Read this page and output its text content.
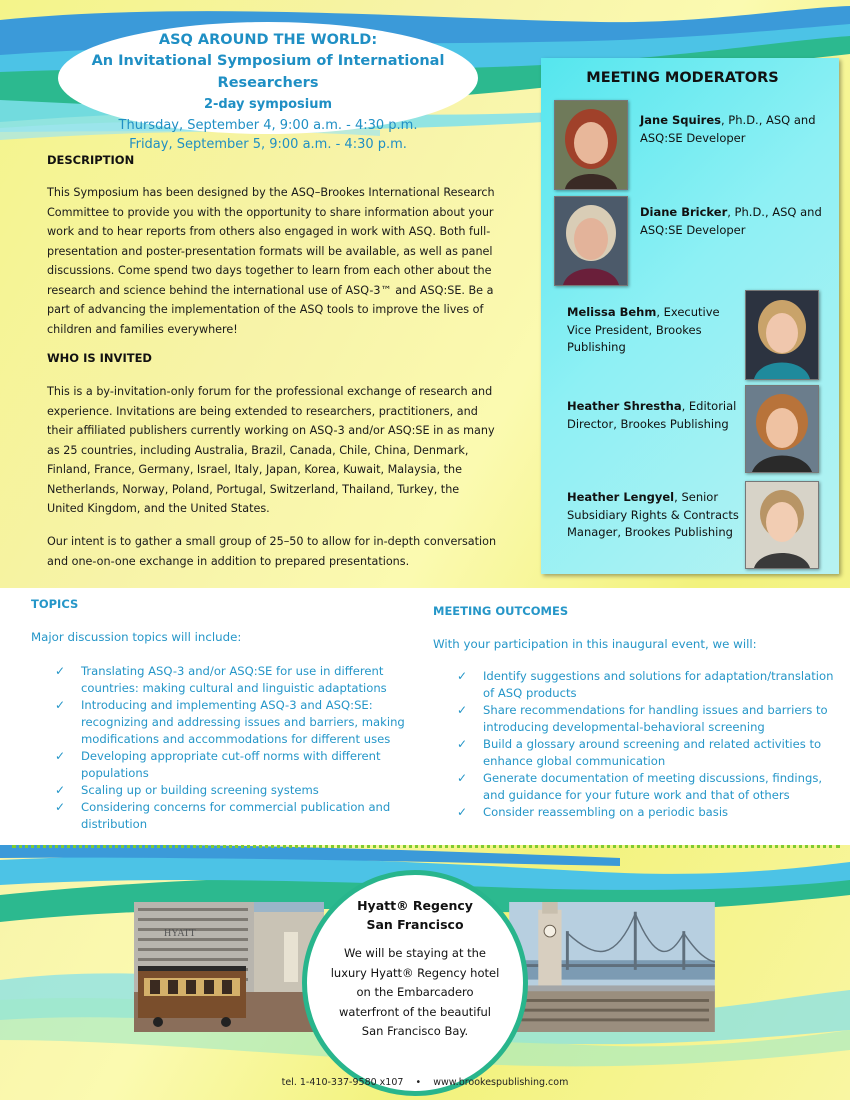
ASQ AROUND THE WORLD:
An Invitational Symposium of International Researchers
2-day symposium
Thursday, September 4, 9:00 a.m. - 4:30 p.m.
Friday, September 5, 9:00 a.m. - 4:30 p.m.
DESCRIPTION
This Symposium has been designed by the ASQ–Brookes International Research
Committee to provide you with the opportunity to share information about your
work and to hear reports from others also engaged in work with ASQ. Both full-
presentation and poster-presentation formats will be available, as well as panel
discussions. Come spend two days together to learn from each other about the
research and science behind the international use of ASQ-3™ and ASQ:SE. Be a
part of advancing the implementation of the ASQ tools to improve the lives of
children and families everywhere!
WHO IS INVITED
This is a by-invitation-only forum for the professional exchange of research and
experience. Invitations are being extended to researchers, practitioners, and
their affiliated publishers currently working on ASQ-3 and/or ASQ:SE in as many
as 25 countries, including Australia, Brazil, Canada, Chile, China, Denmark,
Finland, France, Germany, Israel, Italy, Japan, Korea, Kuwait, Malaysia, the
Netherlands, Norway, Poland, Portugal, Switzerland, Thailand, Turkey, the
United Kingdom, and the United States.
Our intent is to gather a small group of 25–50 to allow for in-depth conversation
and one-on-one exchange in addition to prepared presentations.
MEETING MODERATORS
Jane Squires, Ph.D., ASQ and
ASQ:SE Developer
Diane Bricker, Ph.D., ASQ and
ASQ:SE Developer
Melissa Behm, Executive
Vice President, Brookes
Publishing
Heather Shrestha, Editorial
Director, Brookes Publishing
Heather Lengyel, Senior
Subsidiary Rights & Contracts
Manager, Brookes Publishing
TOPICS
Major discussion topics will include:
✓ Translating ASQ-3 and/or ASQ:SE for use in different
countries: making cultural and linguistic adaptations
✓ Introducing and implementing ASQ-3 and ASQ:SE:
recognizing and addressing issues and barriers, making
modifications and accommodations for different uses
✓ Developing appropriate cut-off norms with different
populations
✓ Scaling up or building screening systems
✓ Considering concerns for commercial publication and
distribution
MEETING OUTCOMES
With your participation in this inaugural event, we will:
✓ Identify suggestions and solutions for adaptation/translation
of ASQ products
✓ Share recommendations for handling issues and barriers to
introducing developmental-behavioral screening
✓ Build a glossary around screening and related activities to
enhance global communication
✓ Generate documentation of meeting discussions, findings,
and guidance for your future work and that of others
✓ Consider reassembling on a periodic basis
HYATT
Hyatt® Regency
San Francisco
We will be staying at the
luxury Hyatt® Regency hotel
on the Embarcadero
waterfront of the beautiful
San Francisco Bay.
tel. 1-410-337-9580 x107 • www.brookespublishing.com
